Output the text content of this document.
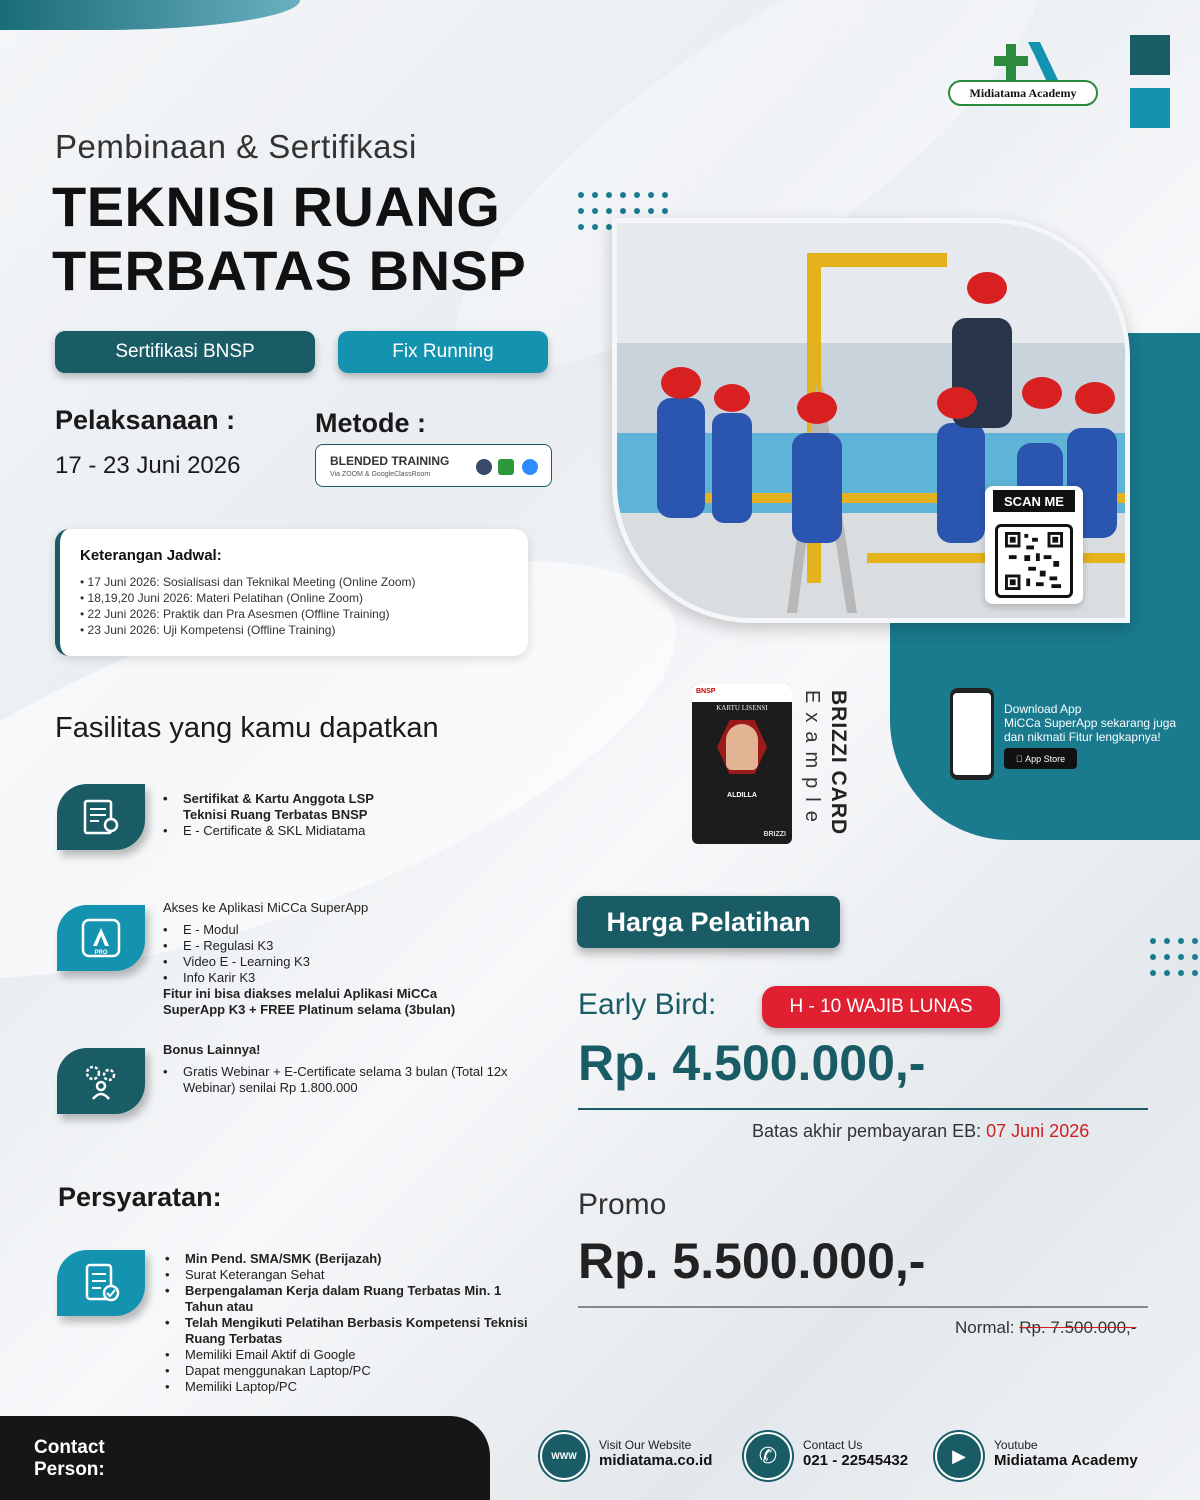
Midiatama Academy
Pembinaan & Sertifikasi
TEKNISI RUANG
TERBATAS BNSP
Sertifikasi BNSP	Fix Running
Pelaksanaan :
17 - 23 Juni 2026
Metode :
BLENDED TRAINING
Via ZOOM & GoogleClassRoom
Keterangan Jadwal:
• 17 Juni 2026: Sosialisasi dan Teknikal Meeting (Online Zoom)
• 18,19,20 Juni 2026: Materi Pelatihan (Online Zoom)
• 22 Juni 2026: Praktik dan Pra Asesmen (Offline Training)
• 23 Juni 2026: Uji Kompetensi (Offline Training)
SCAN ME
Download App
MiCCa SuperApp sekarang juga
dan nikmati Fitur lengkapnya!
App Store
BNSP
KARTU LISENSI
ALDILLA
BRIZZI
Example BRIZZI CARD
Fasilitas yang kamu dapatkan
• Sertifikat & Kartu Anggota LSP
Teknisi Ruang Terbatas BNSP
• E - Certificate & SKL Midiatama
PRO
Akses ke Aplikasi MiCCa SuperApp
• E - Modul
• E - Regulasi K3
• Video E - Learning K3
• Info Karir K3
Fitur ini bisa diakses melalui Aplikasi MiCCa
SuperApp K3 + FREE Platinum selama (3bulan)
Bonus Lainnya!
• Gratis Webinar + E-Certificate selama 3 bulan (Total 12x
Webinar) senilai Rp 1.800.000
Harga Pelatihan
Early Bird:	H - 10 WAJIB LUNAS
Rp. 4.500.000,-
Batas akhir pembayaran EB: 07 Juni 2026
Promo
Rp. 5.500.000,-
Normal: Rp. 7.500.000,-
Persyaratan:
• Min Pend. SMA/SMK (Berijazah)
• Surat Keterangan Sehat
• Berpengalaman Kerja dalam Ruang Terbatas Min. 1
Tahun atau
• Telah Mengikuti Pelatihan Berbasis Kompetensi Teknisi
Ruang Terbatas
• Memiliki Email Aktif di Google
• Dapat menggunakan Laptop/PC
• Memiliki Laptop/PC
Contact
Person:
WWW
Visit Our Website
midiatama.co.id	✆	Contact Us
021 - 22545432	▶
Youtube
Midiatama Academy
